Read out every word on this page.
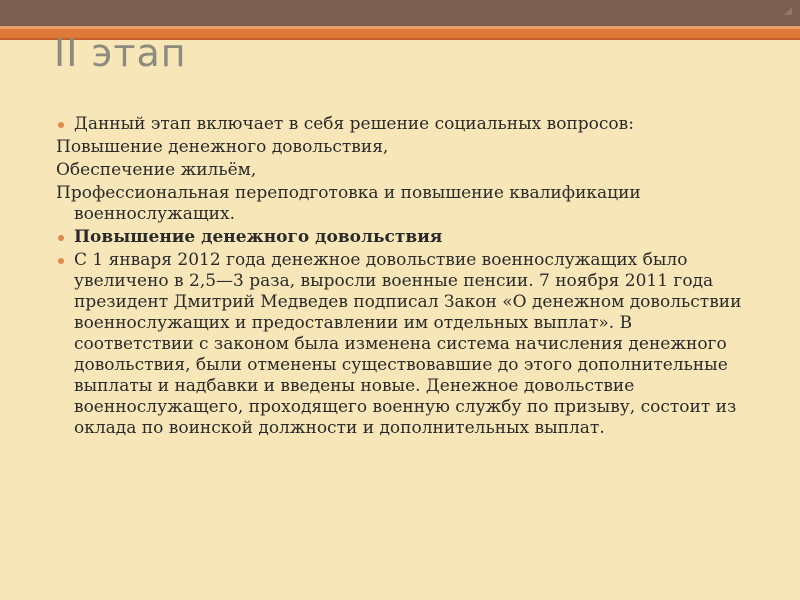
II этап

Данный этап включает в себя решение социальных вопросов:

Повышение денежного довольствия,

Обеспечение жильём,

Профессиональная переподготовка и повышение квалификации военнослужащих.

Повышение денежного довольствия

С 1 января 2012 года денежное довольствие военнослужащих было увеличено в 2,5—3 раза, выросли военные пенсии. 7 ноября 2011 года президент Дмитрий Медведев подписал Закон «О денежном довольствии военнослужащих и предоставлении им отдельных выплат». В соответствии с законом была изменена система начисления денежного довольствия, были отменены существовавшие до этого дополнительные выплаты и надбавки и введены новые. Денежное довольствие военнослужащего, проходящего военную службу по призыву, состоит из оклада по воинской должности и дополнительных выплат.
